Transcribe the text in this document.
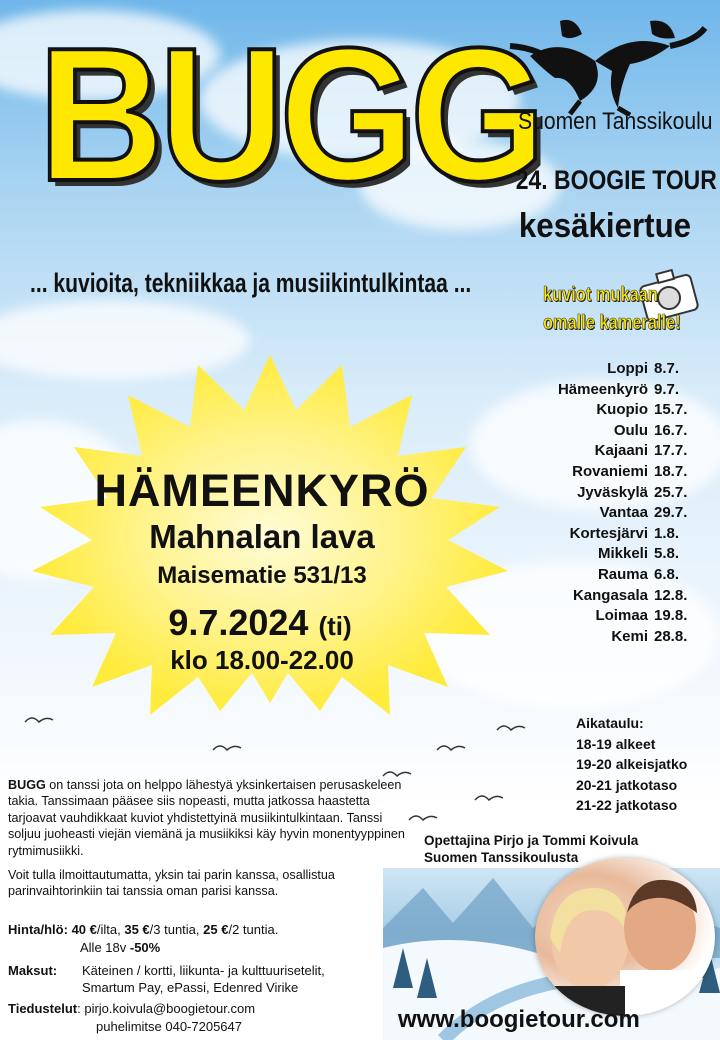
BUGG
... kuvioita, tekniikkaa ja musiikintulkintaa ...
Suomen Tanssikoulu
24. BOOGIE TOUR
kesäkiertue
kuviot mukaan
omalle kameralle!
HÄMEENKYRÖ
Mahnalan lava
Maisematie 531/13
9.7.2024 (ti)
klo 18.00-22.00
Loppi 8.7.
Hämeenkyrö 9.7.
Kuopio 15.7.
Oulu 16.7.
Kajaani 17.7.
Rovaniemi 18.7.
Jyväskylä 25.7.
Vantaa 29.7.
Kortesjärvi 1.8.
Mikkeli 5.8.
Rauma 6.8.
Kangasala 12.8.
Loimaa 19.8.
Kemi 28.8.
Aikataulu:
18-19 alkeet
19-20 alkeisjatko
20-21 jatkotaso
21-22 jatkotaso

BUGG on tanssi jota on helppo lähestyä yksinkertaisen perusaskeleen takia. Tanssimaan pääsee siis nopeasti, mutta jatkossa haastetta tarjoavat vauhdikkaat kuviot yhdistettyinä musiikintulkintaan. Tanssi soljuu juoheasti viejän viemänä ja musiikiksi käy hyvin monentyyppinen rytmimusiikki.

Voit tulla ilmoittautumatta, yksin tai parin kanssa, osallistua parinvaihtorinkiin tai tanssia oman parisi kanssa.

Opettajina Pirjo ja Tommi Koivula
Suomen Tanssikoulusta
Hinta/hlö: 40 €/ilta, 35 €/3 tuntia, 25 €/2 tuntia.
Alle 18v -50%
Maksut: Käteinen / kortti, liikunta- ja kulttuurisetelit,
Smartum Pay, ePassi, Edenred Virike
Tiedustelut: pirjo.koivula@boogietour.com
puhelimitse 040-7205647	www.boogietour.com
